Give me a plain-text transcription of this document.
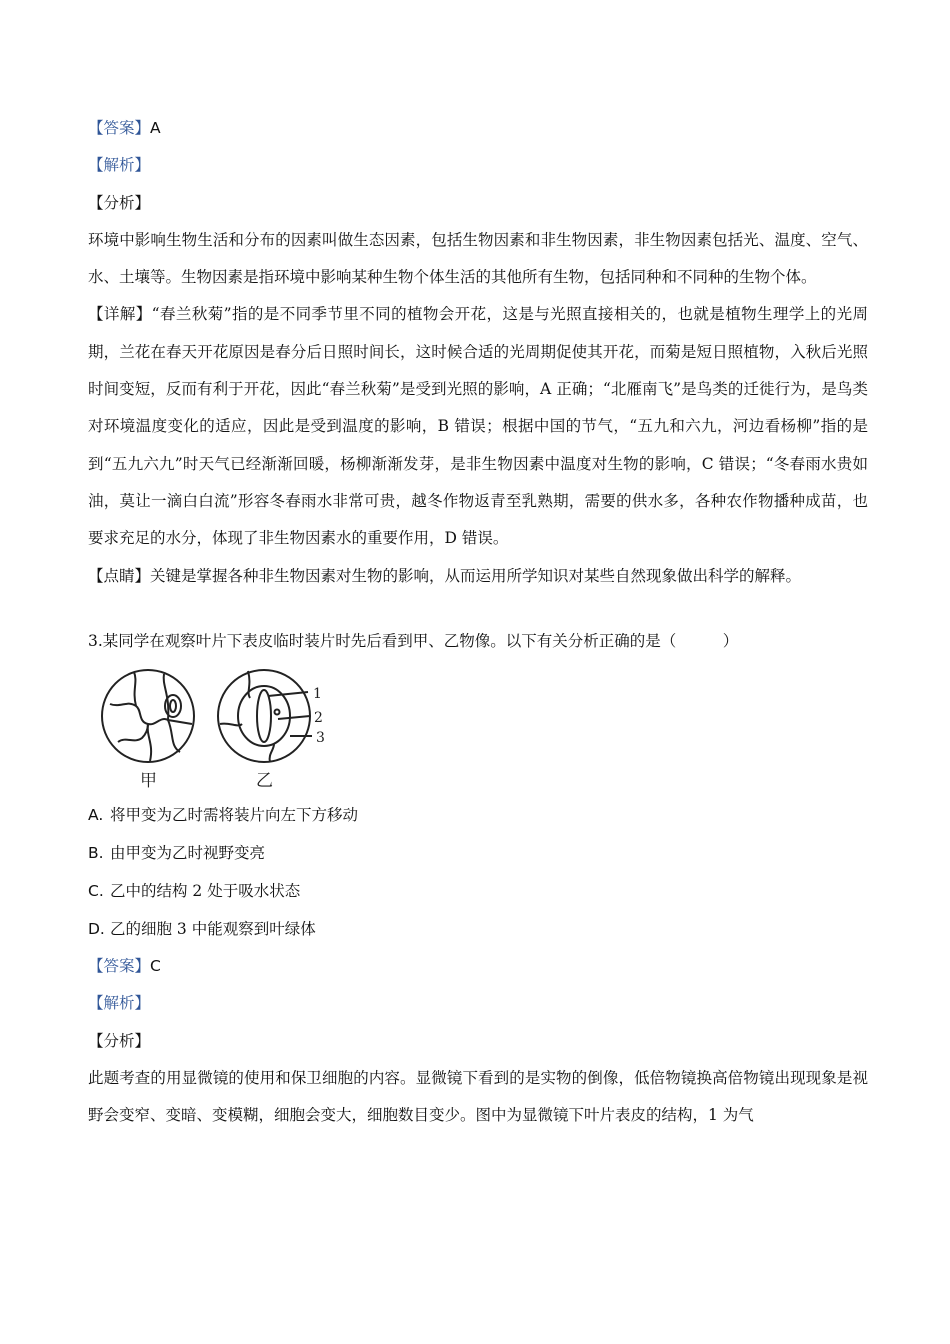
【答案】A
【解析】
【分析】
环境中影响生物生活和分布的因素叫做生态因素，包括生物因素和非生物因素，非生物因素包括光、温度、空气、水、土壤等。生物因素是指环境中影响某种生物个体生活的其他所有生物，包括同种和不同种的生物个体。
【详解】“春兰秋菊”指的是不同季节里不同的植物会开花，这是与光照直接相关的，也就是植物生理学上的光周期，兰花在春天开花原因是春分后日照时间长，这时候合适的光周期促使其开花，而菊是短日照植物，入秋后光照时间变短，反而有利于开花，因此“春兰秋菊”是受到光照的影响，A 正确；“北雁南飞”是鸟类的迁徙行为，是鸟类对环境温度变化的适应，因此是受到温度的影响，B 错误；根据中国的节气，“五九和六九，河边看杨柳”指的是到“五九六九”时天气已经渐渐回暖，杨柳渐渐发芽，是非生物因素中温度对生物的影响，C 错误；“冬春雨水贵如油，莫让一滴白白流”形容冬春雨水非常可贵，越冬作物返青至乳熟期，需要的供水多，各种农作物播种成苗，也要求充足的水分，体现了非生物因素水的重要作用，D 错误。
【点睛】关键是掌握各种非生物因素对生物的影响，从而运用所学知识对某些自然现象做出科学的解释。
3.某同学在观察叶片下表皮临时装片时先后看到甲、乙物像。以下有关分析正确的是（　　　）
1
2
3
甲	乙
A. 将甲变为乙时需将装片向左下方移动
B. 由甲变为乙时视野变亮
C. 乙中的结构 2 处于吸水状态
D. 乙的细胞 3 中能观察到叶绿体
【答案】C
【解析】
【分析】
此题考查的用显微镜的使用和保卫细胞的内容。显微镜下看到的是实物的倒像，低倍物镜换高倍物镜出现现象是视野会变窄、变暗、变模糊，细胞会变大，细胞数目变少。图中为显微镜下叶片表皮的结构，1 为气
